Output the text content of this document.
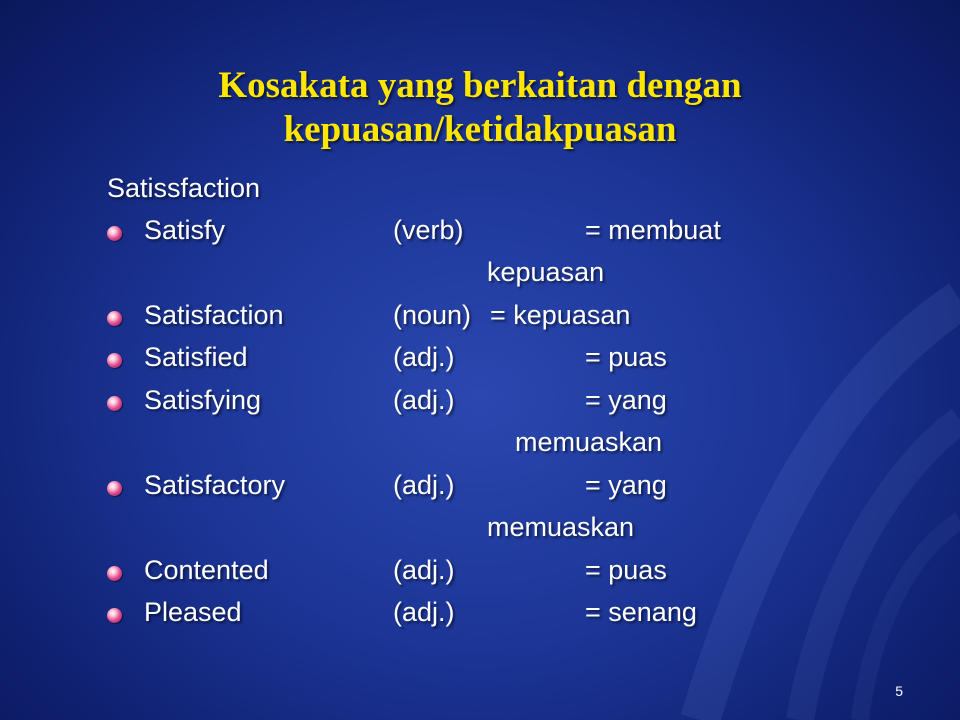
Kosakata yang berkaitan dengan
kepuasan/ketidakpuasan
Satissfaction
Satisfy	(verb)	= membuat
kepuasan
Satisfaction	(noun) = kepuasan
Satisfied	(adj.)	= puas
Satisfying	(adj.)	= yang
memuaskan
Satisfactory	(adj.)	= yang
memuaskan
Contented	(adj.)	= puas
Pleased	(adj.)	= senang
5
